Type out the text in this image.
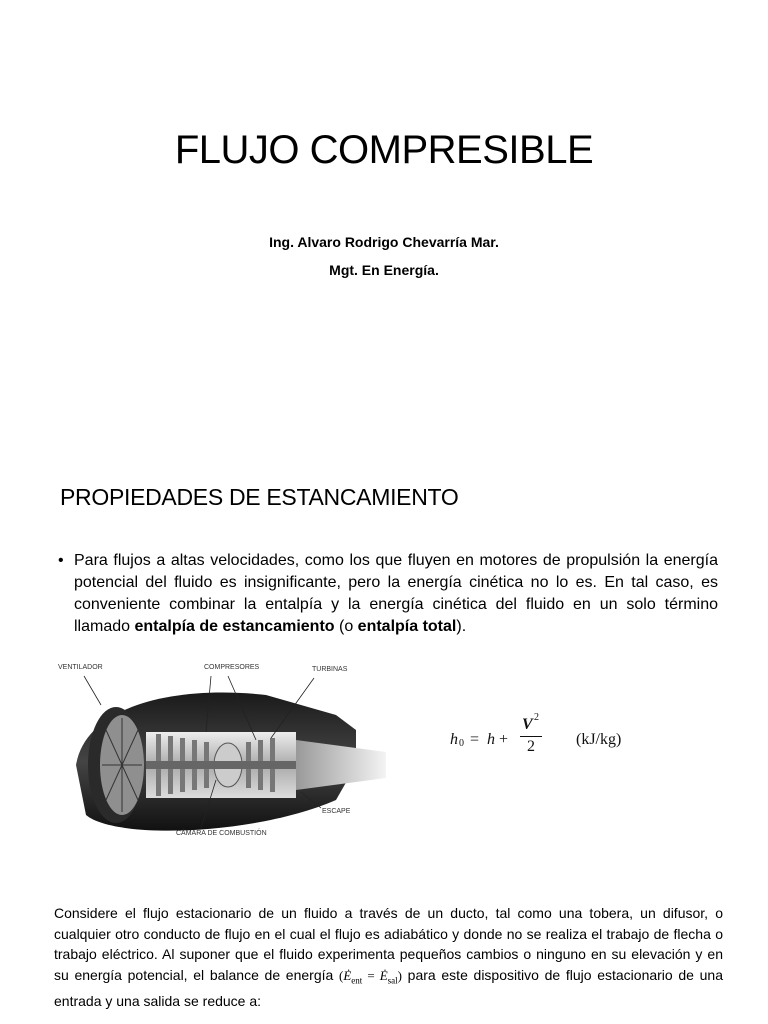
FLUJO COMPRESIBLE
Ing. Alvaro Rodrigo Chevarría Mar.
Mgt. En Energía.
PROPIEDADES DE ESTANCAMIENTO
• Para flujos a altas velocidades, como los que fluyen en motores de propulsión la energía potencial del fluido es insignificante, pero la energía cinética no lo es. En tal caso, es conveniente combinar la entalpía y la energía cinética del fluido en un solo término llamado entalpía de estancamiento (o entalpía total).
VENTILADOR	COMPRESORES	TURBINAS
ESCAPE
CÁMARA DE COMBUSTIÓN
h 0 = h +
V 2
2	(kJ/kg)
Considere el flujo estacionario de un fluido a través de un ducto, tal como una tobera, un difusor, o cualquier otro conducto de flujo en el cual el flujo es adiabático y donde no se realiza el trabajo de flecha o trabajo eléctrico. Al suponer que el fluido experimenta pequeños cambios o ninguno en su elevación y en su energía potencial, el balance de energía ($Ė_{ent}$ = $Ė_{sal}$) para este dispositivo de flujo estacionario de una entrada y una salida se reduce a:
